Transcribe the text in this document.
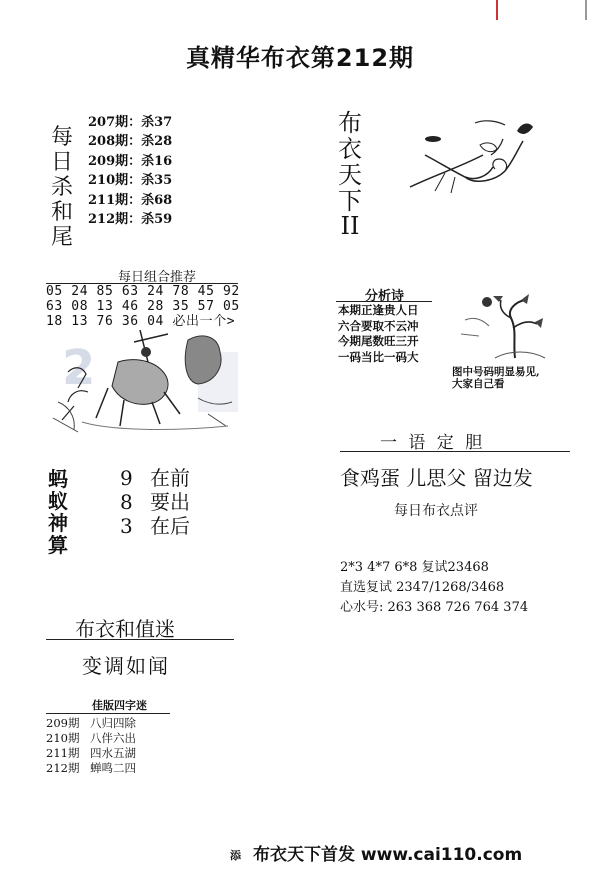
真精华布衣第212期
每
日
杀
和
尾
207期：杀37
208期：杀28
209期：杀16
210期：杀35
211期：杀68
212期：杀59
布
衣
天
下
II
每日组合推荐
05 24 85 63 24 78 45 92
63 08 13 46 28 35 57 05
18 13 76 36 04 必出一个>
2
分析诗
本期正逢贵人日
六合要取不云冲
今期尾数旺三开
一码当比一码大
图中号码明显易见,
大家自己看
一 语 定 胆
食鸡蛋 儿思父 留边发
每日布衣点评
2*3 4*7 6*8 复试23468
直选复试 2347/1268/3468
心水号: 263 368 726 764 374
蚂
蚁
神
算
9 在前
8 要出
3 在后
布衣和值迷
变调如闻
佳版四字迷
209期 八归四除
210期 八伴六出
211期 四水五湖
212期 蝉鸣二四
添 布衣天下首发 www.cai110.com
